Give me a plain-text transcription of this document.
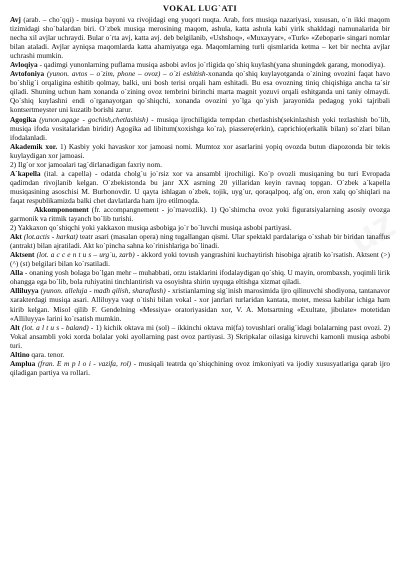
VOKAL LUG`ATI

Avj (arab. – cho`qqi) - musiqa bayoni va rivojidagi eng yuqori nuqta. Arab, fors musiqa nazariyasi, xususan, o`n ikki maqom tizimidagi sho`balardan biri. O`zbek musiqa merosining maqom, ashula, katta ashula kabi yirik shakldagi namunalarida bir necha xil avjlar uchraydi. Bular o`rta avj, katta avj. deb belgilanib, «Ushshoq», «Muxayyar», «Turk» «Zebopari» singari nomlar bilan ataladi. Avjlar ayniqsa maqomlarda katta ahamiyatga ega. Maqomlarning turli qismlarida ketma – ket bir nechta avjlar uchrashi mumkin.

Avloqiya - qadimgi yunonlarning puflama musiqa asbobi avlos jo`rligida qo`shiq kuylash(yana shuningdek garang, monodiya).

Avtofoniya (yunon. avtos – o`zim, phone – ovoz) – o`zi eshitish-xonanda qo`shiq kuylayotganda o`zining ovozini faqat havo bo`shlig`i orqaligina eshitib qolmay, balki, uni bosh terisi orqali ham eshitadi. Bu esa ovozning tiniq chiqishiga ancha ta`sir qiladi. Shuning uchun ham xonanda o`zining ovoz tembrini birinchi marta magnit yozuvi orqali eshitganda uni taniy olmaydi. Qo`shiq kuylashni endi o`rganayotgan qo`shiqchi, xonanda ovozini yo`lga qo`yish jarayonida pedagog yoki tajribali kontsertmeyster uni kuzatib borishi zarur.

Agogika (yunon.agage - gochish,chetlashish) - musiqa ijrochiligida tempdan chetlashish(sekinlashish yoki tezlashish bo`lib, musiqa ifoda vositalaridan biridir) Agogika ad libitum(xoxishga ko`ra), piassere(erkin), caprichio(erkalik bilan) so`zlari bilan ifodalanladi.

Akademik xor. 1) Kasbiy yoki havaskor xor jamoasi nomi. Mumtoz xor asarlarini yopiq ovozda butun diapozonda bir tekis kuylaydigan xor jamoasi.

2) Ilg`or xor jamoalari tag`dirlanadigan faxriy nom.

A`kapella (ital. a capella) - odatda cholg`u jo`rsiz xor va ansambl ijrochiligi. Ko`p ovozli musiqaning bu turi Evropada qadimdan rivojlanib kelgan. O`zbekistonda bu janr XX asrning 20 yillaridan keyin ravnaq topgan. O`zbek a`kapella musiqasining asoschisi M. Burhonovdir. U qayta ishlagan o`zbek, tojik, uyg`ur, qoraqalpoq, afg`on, eron xalq qo`shiqlari na faqat respublikamizda balki chet davlatlarda ham ijro etilmoqda.

Akkomponoment (fr. accompangnement - jo`rnavozlik). 1) Qo`shimcha ovoz yoki figuratsiyalarning asosiy ovozga garmonik va ritmik tayanch bo`lib turishi.

2) Yakkaxon qo`shiqchi yoki yakkaxon musiqa asbobiga jo`r bo`luvchi musiqa asbobi partiyasi.

Akt (lot.actis - harkat) teatr asari (masalan opera) ning tugallangan qismi. Ular spektakl pardalariga o`xshab bir biridan tanaffus (antrakt) bilan ajratiladi. Akt ko`pincha sahna ko`rinishlariga bo`linadi.

Aktsent (lot. a c c e n t u s – urg`u, zarb) - akkord yoki tovush yangrashini kuchaytirish hisobiga ajratib ko`rsatish. Aktsent (>)(^) (st) belgilari bilan ko`rsatiladi.

Alla - onaning yosh bolaga bo`lgan mehr – muhabbati, orzu istaklarini ifodalaydigan qo`shiq. U mayin, orombaxsh, yoqimli lirik ohangga ega bo`lib, bola ruhiyatini tinchlantirish va osoyishta shirin uyquga eltishga xizmat qiladi.

Alliluyya (yunon. alleluja - madh qilish, sharaflash) - xristianlarning sig`inish marosimida ijro qilinuvchi shodiyona, tantanavor xarakterdagi musiqa asari. Alliluyya vaqt o`tishi bilan vokal - xor janrlari turlaridan kantata, motet, messa kabilar ichiga ham kirib kelgan. Misol qilib F. Gendelning «Messiya» oratoriyasidan xor, V. A. Motsartning «Exultate, jibulate» motetidan «Alliluyya» larini ko`rsatish mumkin.

Alt (lot. a l t u s - baland) - 1) kichik oktava mi (sol) – ikkinchi oktava mi(fa) tovushlari oralig`idagi bolalarning past ovozi. 2) Vokal ansambli yoki xorda bolalar yoki ayollarning past ovoz partiyasi. 3) Skripkalar oilasiga kiruvchi kamonli musiqa asbobi turi.

Altino qara. tenor.

Amplua (fran. E m p l o i - vazifa, rol) - musiqali teatrda qo`shiqchining ovoz imkoniyati va ijodiy xususyatlariga qarab ijro qiladigan partiya va rollari.
